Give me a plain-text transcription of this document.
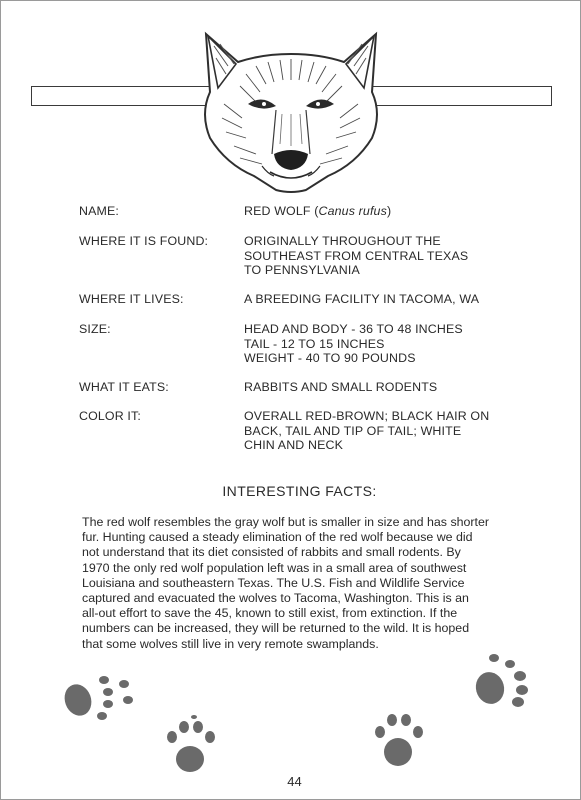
NAME:	RED WOLF (Canus rufus)
WHERE IT IS FOUND:	ORIGINALLY THROUGHOUT THE
SOUTHEAST FROM CENTRAL TEXAS
TO PENNSYLVANIA
WHERE IT LIVES:	A BREEDING FACILITY IN TACOMA, WA
SIZE:	HEAD AND BODY - 36 TO 48 INCHES
TAIL - 12 TO 15 INCHES
WEIGHT - 40 TO 90 POUNDS
WHAT IT EATS:	RABBITS AND SMALL RODENTS
COLOR IT:	OVERALL RED-BROWN; BLACK HAIR ON
BACK, TAIL AND TIP OF TAIL; WHITE
CHIN AND NECK
INTERESTING FACTS:
The red wolf resembles the gray wolf but is smaller in size and has shorter
fur. Hunting caused a steady elimination of the red wolf because we did
not understand that its diet consisted of rabbits and small rodents. By
1970 the only red wolf population left was in a small area of southwest
Louisiana and southeastern Texas. The U.S. Fish and Wildlife Service
captured and evacuated the wolves to Tacoma, Washington. This is an
all-out effort to save the 45, known to still exist, from extinction. If the
numbers can be increased, they will be returned to the wild. It is hoped
that some wolves still live in very remote swamplands.
44
